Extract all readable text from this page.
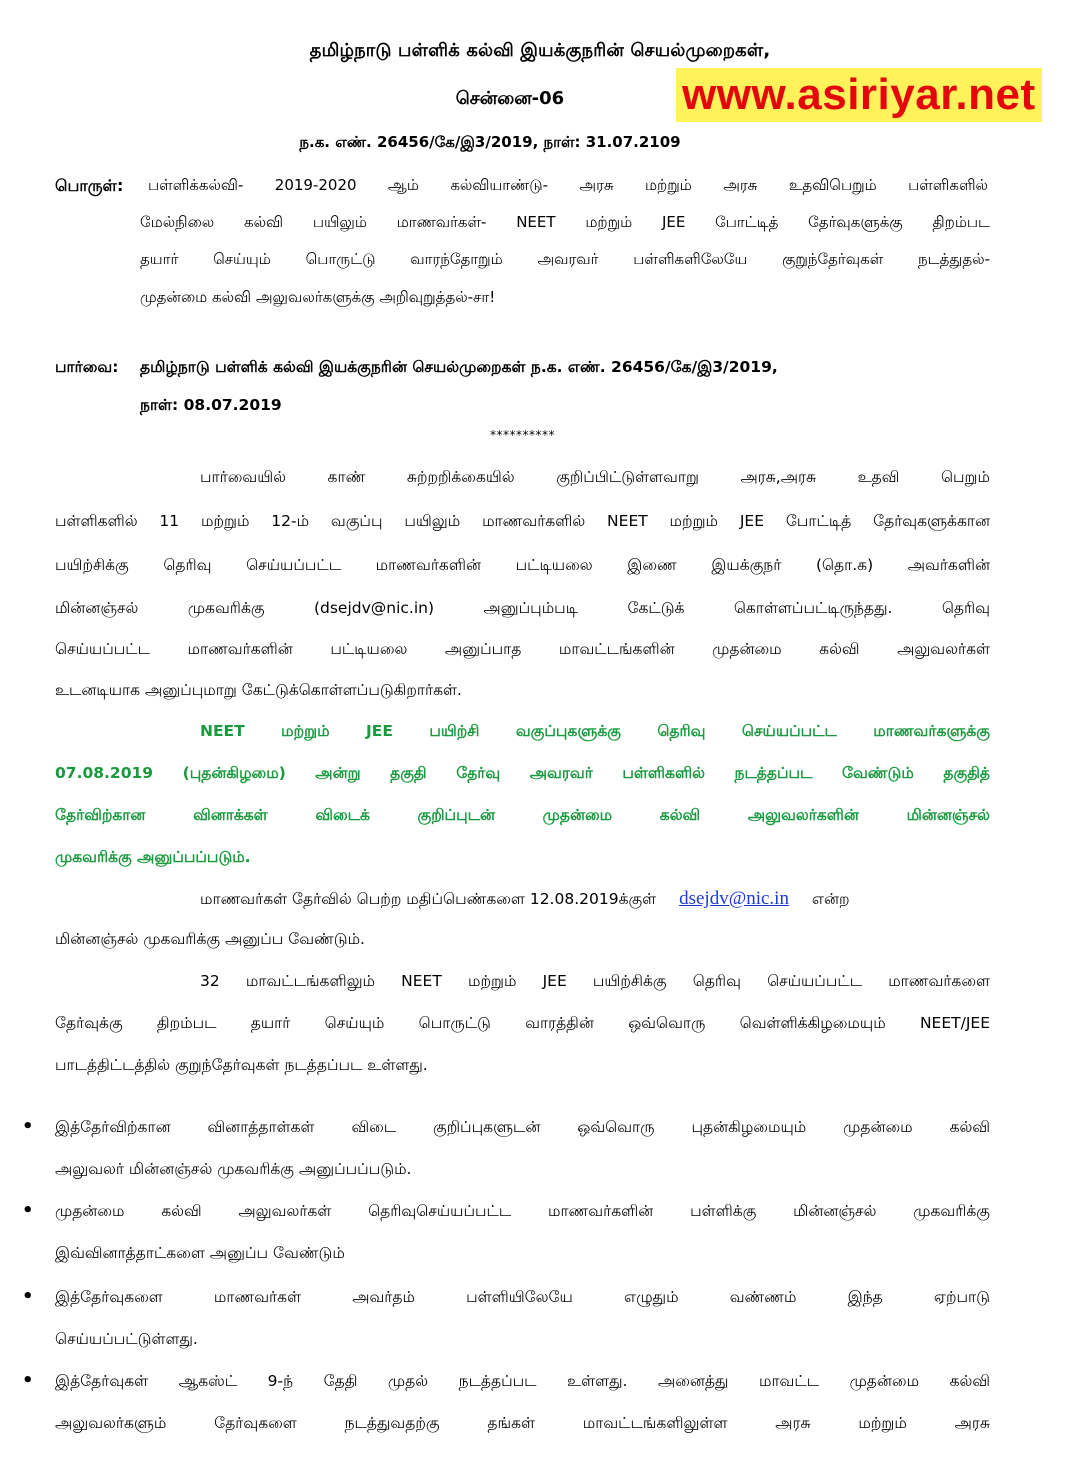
தமிழ்நாடு பள்ளிக் கல்வி இயக்குநரின் செயல்முறைகள்,
சென்னை-06	www.asiriyar.net
ந.க. எண். 26456/கே/இ3/2019, நாள்: 31.07.2109
பொருள்: பள்ளிக்கல்வி- 2019-2020 ஆம் கல்வியாண்டு- அரசு மற்றும் அரசு உதவிபெறும் பள்ளிகளில்
மேல்நிலை கல்வி பயிலும் மாணவர்கள்- NEET மற்றும் JEE போட்டித் தேர்வுகளுக்கு திறம்பட
தயார் செய்யும் பொருட்டு வாரந்தோறும் அவரவர் பள்ளிகளிலேயே குறுந்தேர்வுகள் நடத்துதல்-
முதன்மை கல்வி அலுவலர்களுக்கு அறிவுறுத்தல்-சா!
பார்வை: தமிழ்நாடு பள்ளிக் கல்வி இயக்குநரின் செயல்முறைகள் ந.க. எண். 26456/கே/இ3/2019,
நாள்: 08.07.2019
**********
பார்வையில் காண் சுற்றறிக்கையில் குறிப்பிட்டுள்ளவாறு அரசு,அரசு உதவி பெறும்
பள்ளிகளில் 11 மற்றும் 12-ம் வகுப்பு பயிலும் மாணவர்களில் NEET மற்றும் JEE போட்டித் தேர்வுகளுக்கான
பயிற்சிக்கு தெரிவு செய்யப்பட்ட மாணவர்களின் பட்டியலை இணை இயக்குநர் (தொ.க) அவர்களின்
மின்னஞ்சல் முகவரிக்கு (dsejdv@nic.in) அனுப்பும்படி கேட்டுக் கொள்ளப்பட்டிருந்தது. தெரிவு
செய்யப்பட்ட மாணவர்களின் பட்டியலை அனுப்பாத மாவட்டங்களின் முதன்மை கல்வி அலுவலர்கள்
உடனடியாக அனுப்புமாறு கேட்டுக்கொள்ளப்படுகிறார்கள்.
NEET மற்றும் JEE பயிற்சி வகுப்புகளுக்கு தெரிவு செய்யப்பட்ட மாணவர்களுக்கு
07.08.2019 (புதன்கிழமை) அன்று தகுதி தேர்வு அவரவர் பள்ளிகளில் நடத்தப்பட வேண்டும் தகுதித்
தேர்விற்கான வினாக்கள் விடைக் குறிப்புடன் முதன்மை கல்வி அலுவலர்களின் மின்னஞ்சல்
முகவரிக்கு அனுப்பப்படும்.
மாணவர்கள் தேர்வில் பெற்ற மதிப்பெண்களை 12.08.2019க்குள் dsejdv@nic.in என்ற
மின்னஞ்சல் முகவரிக்கு அனுப்ப வேண்டும்.
32 மாவட்டங்களிலும் NEET மற்றும் JEE பயிற்சிக்கு தெரிவு செய்யப்பட்ட மாணவர்களை
தேர்வுக்கு திறம்பட தயார் செய்யும் பொருட்டு வாரத்தின் ஒவ்வொரு வெள்ளிக்கிழமையும் NEET/JEE
பாடத்திட்டத்தில் குறுந்தேர்வுகள் நடத்தப்பட உள்ளது.
• இத்தேர்விற்கான வினாத்தாள்கள் விடை குறிப்புகளுடன் ஒவ்வொரு புதன்கிழமையும் முதன்மை கல்வி
அலுவலர் மின்னஞ்சல் முகவரிக்கு அனுப்பப்படும்.
• முதன்மை கல்வி அலுவலர்கள் தெரிவுசெய்யப்பட்ட மாணவர்களின் பள்ளிக்கு மின்னஞ்சல் முகவரிக்கு
இவ்வினாத்தாட்களை அனுப்ப வேண்டும்
• இத்தேர்வுகளை மாணவர்கள் அவர்தம் பள்ளியிலேயே எழுதும் வண்ணம் இந்த ஏற்பாடு
செய்யப்பட்டுள்ளது.
• இத்தேர்வுகள் ஆகஸ்ட் 9-ந் தேதி முதல் நடத்தப்பட உள்ளது. அனைத்து மாவட்ட முதன்மை கல்வி
அலுவலர்களும் தேர்வுகளை நடத்துவதற்கு தங்கள் மாவட்டங்களிலுள்ள அரசு மற்றும் அரசு
